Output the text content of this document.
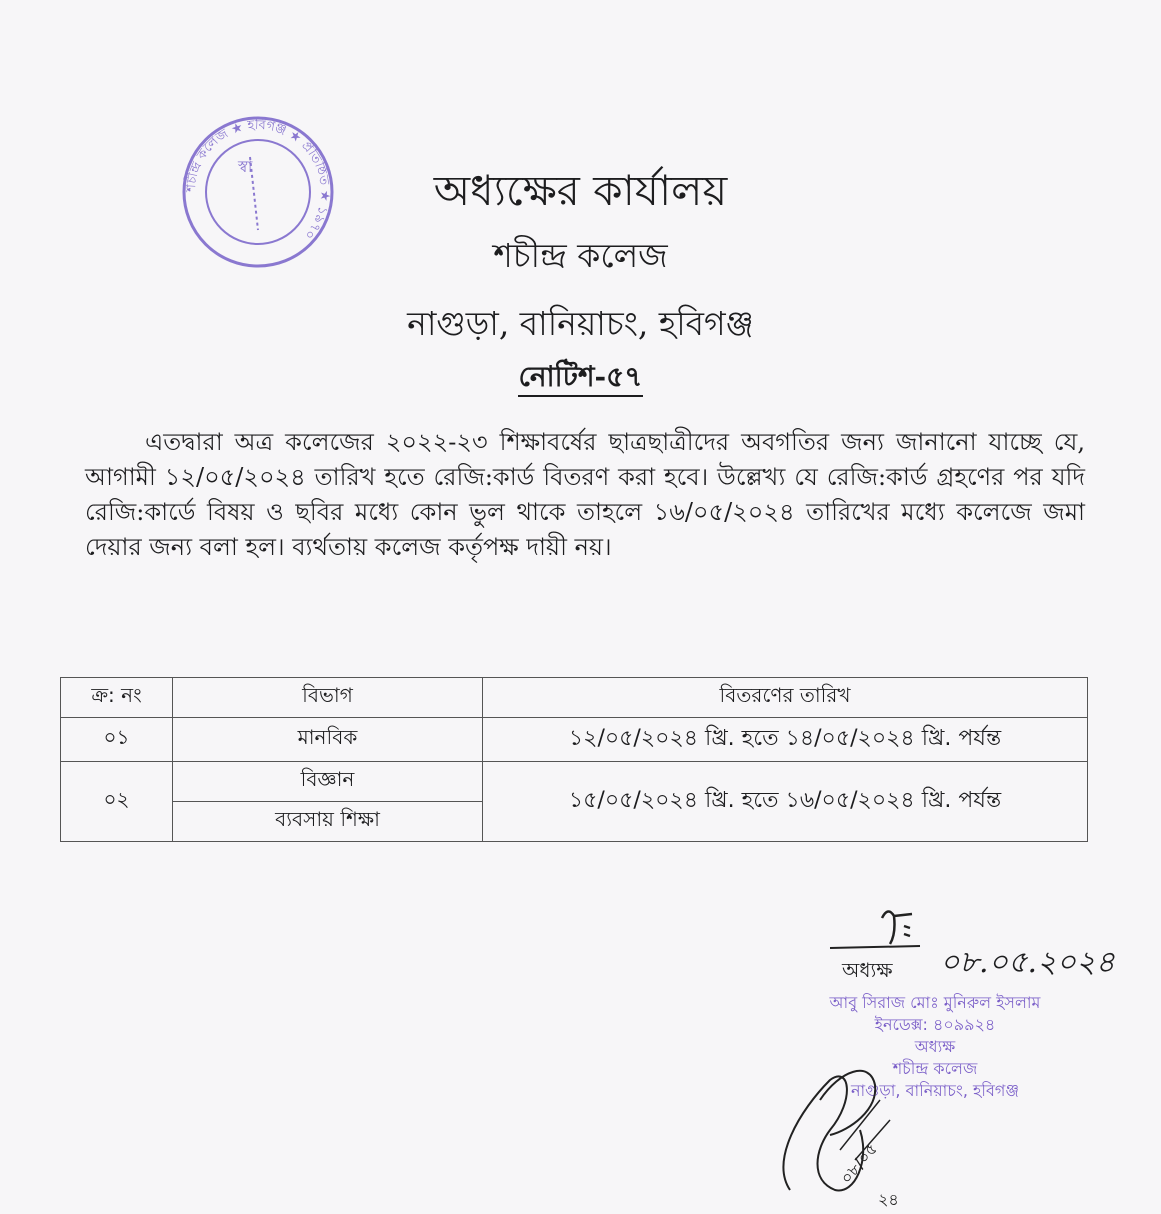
শচীন্দ্র কলেজ ★ হবিগঞ্জ ★ প্রতিষ্ঠিত ★ ১৯৭০
স্বা	অধ্যক্ষের কার্যালয়
শচীন্দ্র কলেজ
নাগুড়া, বানিয়াচং, হবিগঞ্জ
নোটিশ-৫৭
এতদ্বারা অত্র কলেজের ২০২২-২৩ শিক্ষাবর্ষের ছাত্রছাত্রীদের অবগতির জন্য জানানো যাচ্ছে যে, আগামী ১২/০৫/২০২৪ তারিখ হতে রেজি:কার্ড বিতরণ করা হবে। উল্লেখ্য যে রেজি:কার্ড গ্রহণের পর যদি রেজি:কার্ডে বিষয় ও ছবির মধ্যে কোন ভুল থাকে তাহলে ১৬/০৫/২০২৪ তারিখের মধ্যে কলেজে জমা দেয়ার জন্য বলা হল। ব্যর্থতায় কলেজ কর্তৃপক্ষ দায়ী নয়।
ক্র: নং	বিভাগ	বিতরণের তারিখ
০১	মানবিক	১২/০৫/২০২৪ খ্রি. হতে ১৪/০৫/২০২৪ খ্রি. পর্যন্ত
০২	বিজ্ঞান	১৫/০৫/২০২৪ খ্রি. হতে ১৬/০৫/২০২৪ খ্রি. পর্যন্ত
	ব্যবসায় শিক্ষা	
০৮.০৫.২০২৪
অধ্যক্ষ
আবু সিরাজ মোঃ মুনিরুল ইসলাম
ইনডেক্স: ৪০৯৯২৪
অধ্যক্ষ
শচীন্দ্র কলেজ
নাগুড়া, বানিয়াচং, হবিগঞ্জ
০৮/০৫
২৪
